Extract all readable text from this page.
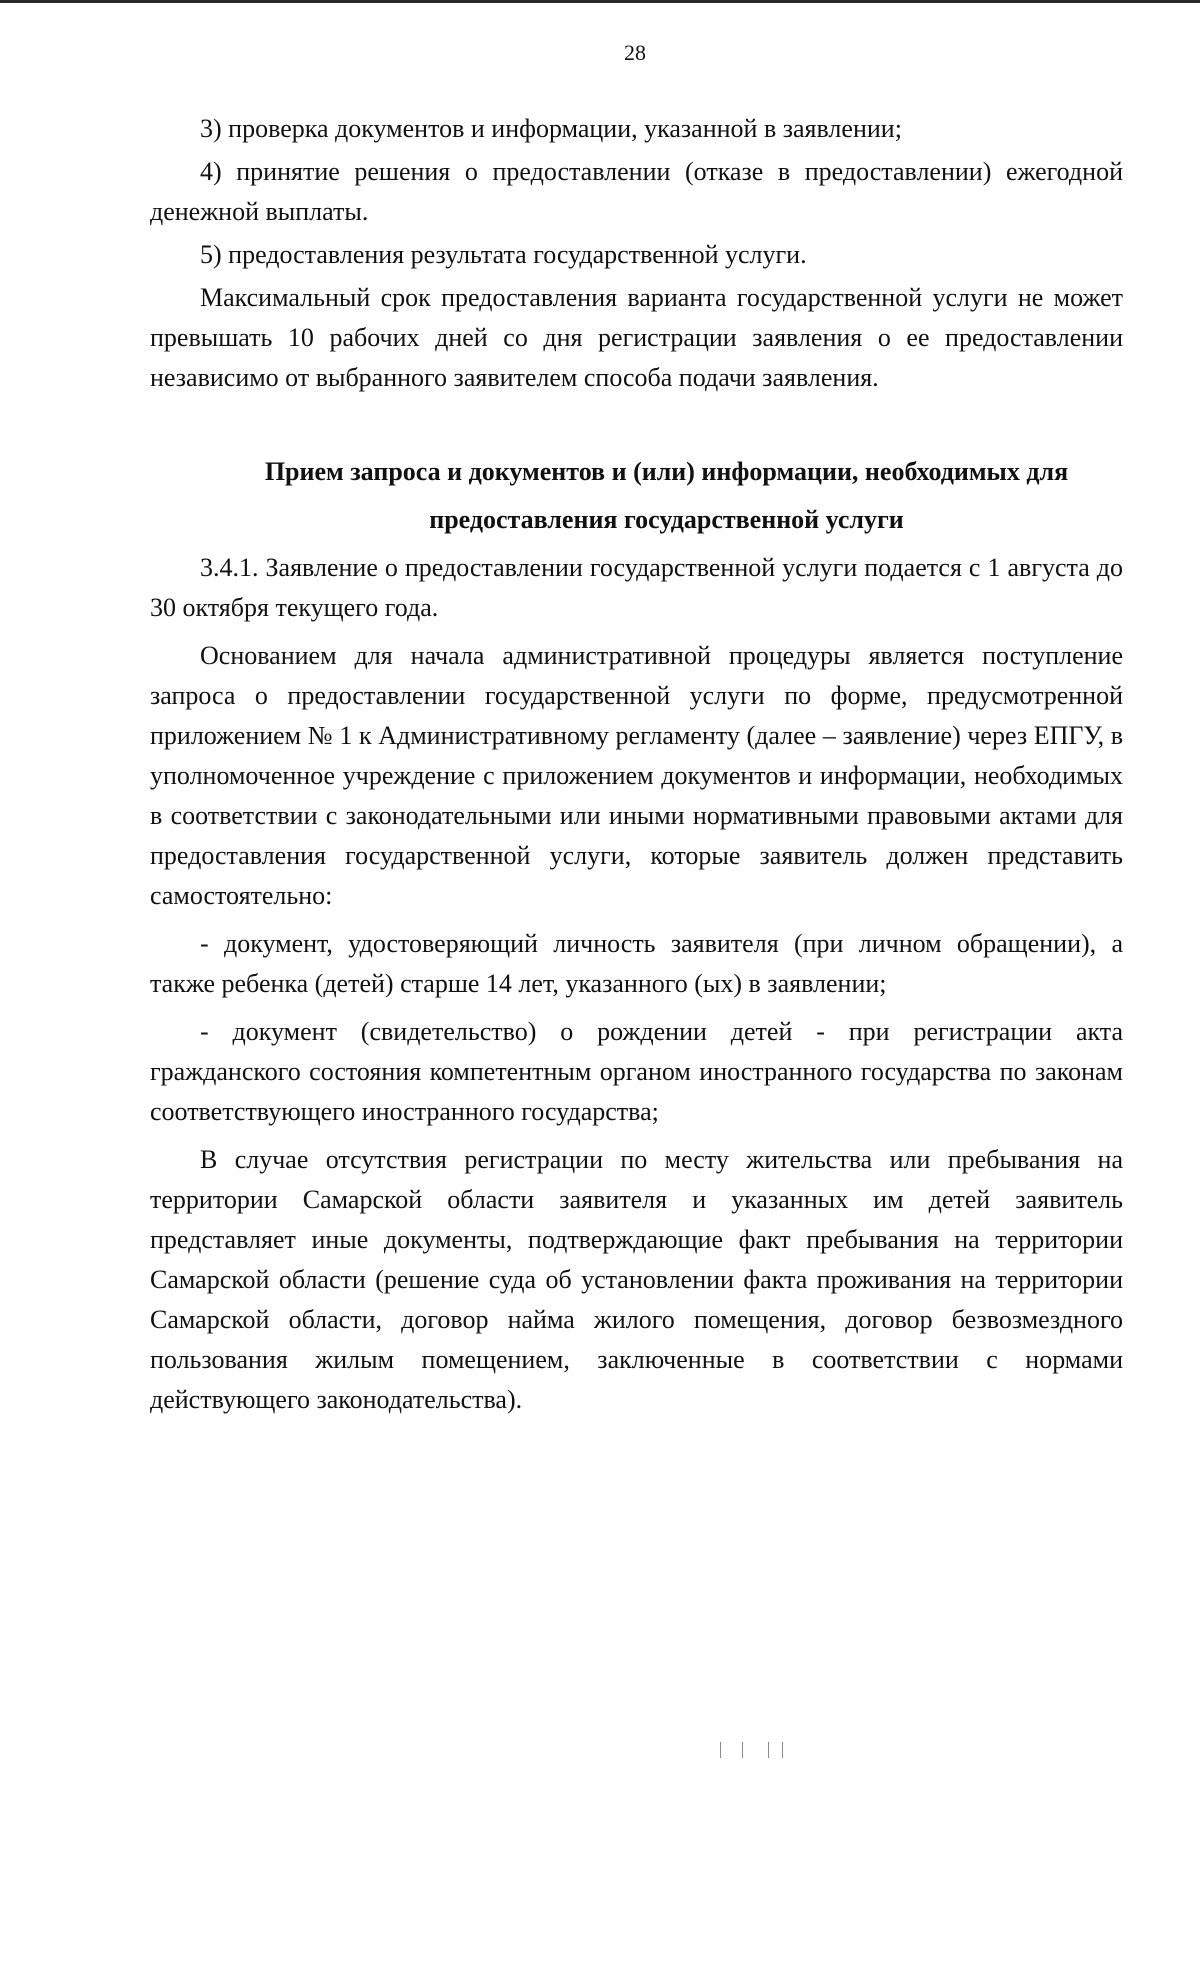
28

3) проверка документов и информации, указанной в заявлении;

4) принятие решения о предоставлении (отказе в предоставлении) ежегодной денежной выплаты.

5) предоставления результата государственной услуги.

Максимальный срок предоставления варианта государственной услуги не может превышать 10 рабочих дней со дня регистрации заявления о ее предоставлении независимо от выбранного заявителем способа подачи заявления.

Прием запроса и документов и (или) информации, необходимых для
предоставления государственной услуги

3.4.1. Заявление о предоставлении государственной услуги подается с 1 августа до 30 октября текущего года.

Основанием для начала административной процедуры является поступление запроса о предоставлении государственной услуги по форме, предусмотренной приложением № 1 к Административному регламенту (далее – заявление) через ЕПГУ, в уполномоченное учреждение с приложением документов и информации, необходимых в соответствии с законодательными или иными нормативными правовыми актами для предоставления государственной услуги, которые заявитель должен представить самостоятельно:

- документ, удостоверяющий личность заявителя (при личном обращении), а также ребенка (детей) старше 14 лет, указанного (ых) в заявлении;

- документ (свидетельство) о рождении детей - при регистрации акта гражданского состояния компетентным органом иностранного государства по законам соответствующего иностранного государства;

В случае отсутствия регистрации по месту жительства или пребывания на территории Самарской области заявителя и указанных им детей заявитель представляет иные документы, подтверждающие факт пребывания на территории Самарской области (решение суда об установлении факта проживания на территории Самарской области, договор найма жилого помещения, договор безвозмездного пользования жилым помещением, заключенные в соответствии с нормами действующего законодательства).
